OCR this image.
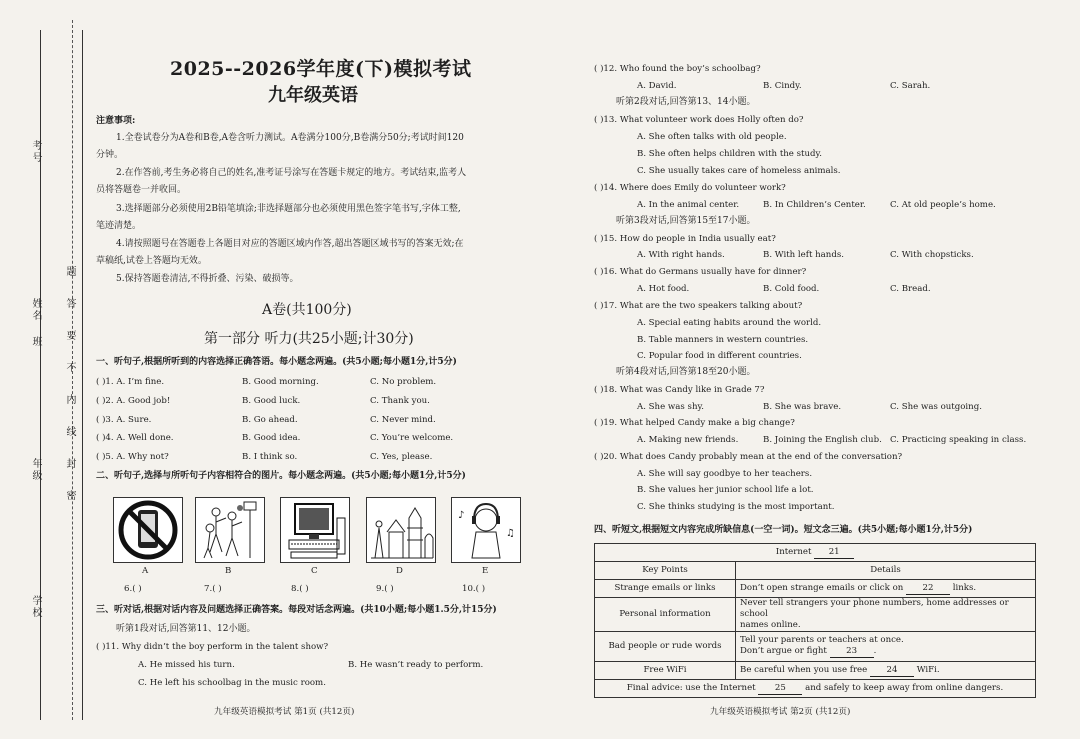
考号
姓名
班
年级
学校
题
答
要
不
内
线
封
密
2025--2026学年度(下)模拟考试
九年级英语
注意事项:
1.全卷试卷分为A卷和B卷,A卷含听力测试。A卷满分100分,B卷满分50分;考试时间120
分钟。
2.在作答前,考生务必将自己的姓名,准考证号涂写在答题卡规定的地方。考试结束,监考人
员将答题卷一并收回。
3.选择题部分必须使用2B铅笔填涂;非选择题部分也必须使用黑色签字笔书写,字体工整,
笔迹清楚。
4.请按照题号在答题卷上各题目对应的答题区域内作答,超出答题区域书写的答案无效;在
草稿纸,试卷上答题均无效。
5.保持答题卷清洁,不得折叠、污染、破损等。
A卷(共100分)
第一部分 听力(共25小题;计30分)
一、听句子,根据所听到的内容选择正确答语。每小题念两遍。(共5小题;每小题1分,计5分)
( )1. A. I’m fine.	B. Good morning.	C. No problem.
( )2. A. Good job!	B. Good luck.	C. Thank you.
( )3. A. Sure.	B. Go ahead.	C. Never mind.
( )4. A. Well done.	B. Good idea.	C. You’re welcome.
( )5. A. Why not?	B. I think so.	C. Yes, please.
二、听句子,选择与所听句子内容相符合的图片。每小题念两遍。(共5小题;每小题1分,计5分)
♪
♫
A	B	C	D	E
6.( )	7.( )	8.( )	9.( )	10.( )
三、听对话,根据对话内容及问题选择正确答案。每段对话念两遍。(共10小题;每小题1.5分,计15分)
听第1段对话,回答第11、12小题。
( )11. Why didn’t the boy perform in the talent show?
A. He missed his turn.	B. He wasn’t ready to perform.
C. He left his schoolbag in the music room.
九年级英语模拟考试 第1页 (共12页)
( )12. Who found the boy’s schoolbag?
A. David.	B. Cindy.	C. Sarah.
听第2段对话,回答第13、14小题。
( )13. What volunteer work does Holly often do?
A. She often talks with old people.
B. She often helps children with the study.
C. She usually takes care of homeless animals.
( )14. Where does Emily do volunteer work?
A. In the animal center.	B. In Children’s Center.	C. At old people’s home.
听第3段对话,回答第15至17小题。
( )15. How do people in India usually eat?
A. With right hands.	B. With left hands.	C. With chopsticks.
( )16. What do Germans usually have for dinner?
A. Hot food.	B. Cold food.	C. Bread.
( )17. What are the two speakers talking about?
A. Special eating habits around the world.
B. Table manners in western countries.
C. Popular food in different countries.
听第4段对话,回答第18至20小题。
( )18. What was Candy like in Grade 7?
A. She was shy.	B. She was brave.	C. She was outgoing.
( )19. What helped Candy make a big change?
A. Making new friends.	B. Joining the English club. C. Practicing speaking in class.
( )20. What does Candy probably mean at the end of the conversation?
A. She will say goodbye to her teachers.
B. She values her junior school life a lot.
C. She thinks studying is the most important.
四、听短文,根据短文内容完成所缺信息(一空一词)。短文念三遍。(共5小题;每小题1分,计5分)
Internet 21	
Key Points	Details
Strange emails or links	Don’t open strange emails or click on 22 links.
Personal information	Never tell strangers your phone numbers, home addresses or school
names online.

Bad people or rude words	Tell your parents or teachers at once.
Don’t argue or fight 23 .

Free WiFi	Be careful when you use free 24 WiFi.
Final advice: use the Internet 25 and safely to keep away from online dangers.	
九年级英语模拟考试 第2页 (共12页)
